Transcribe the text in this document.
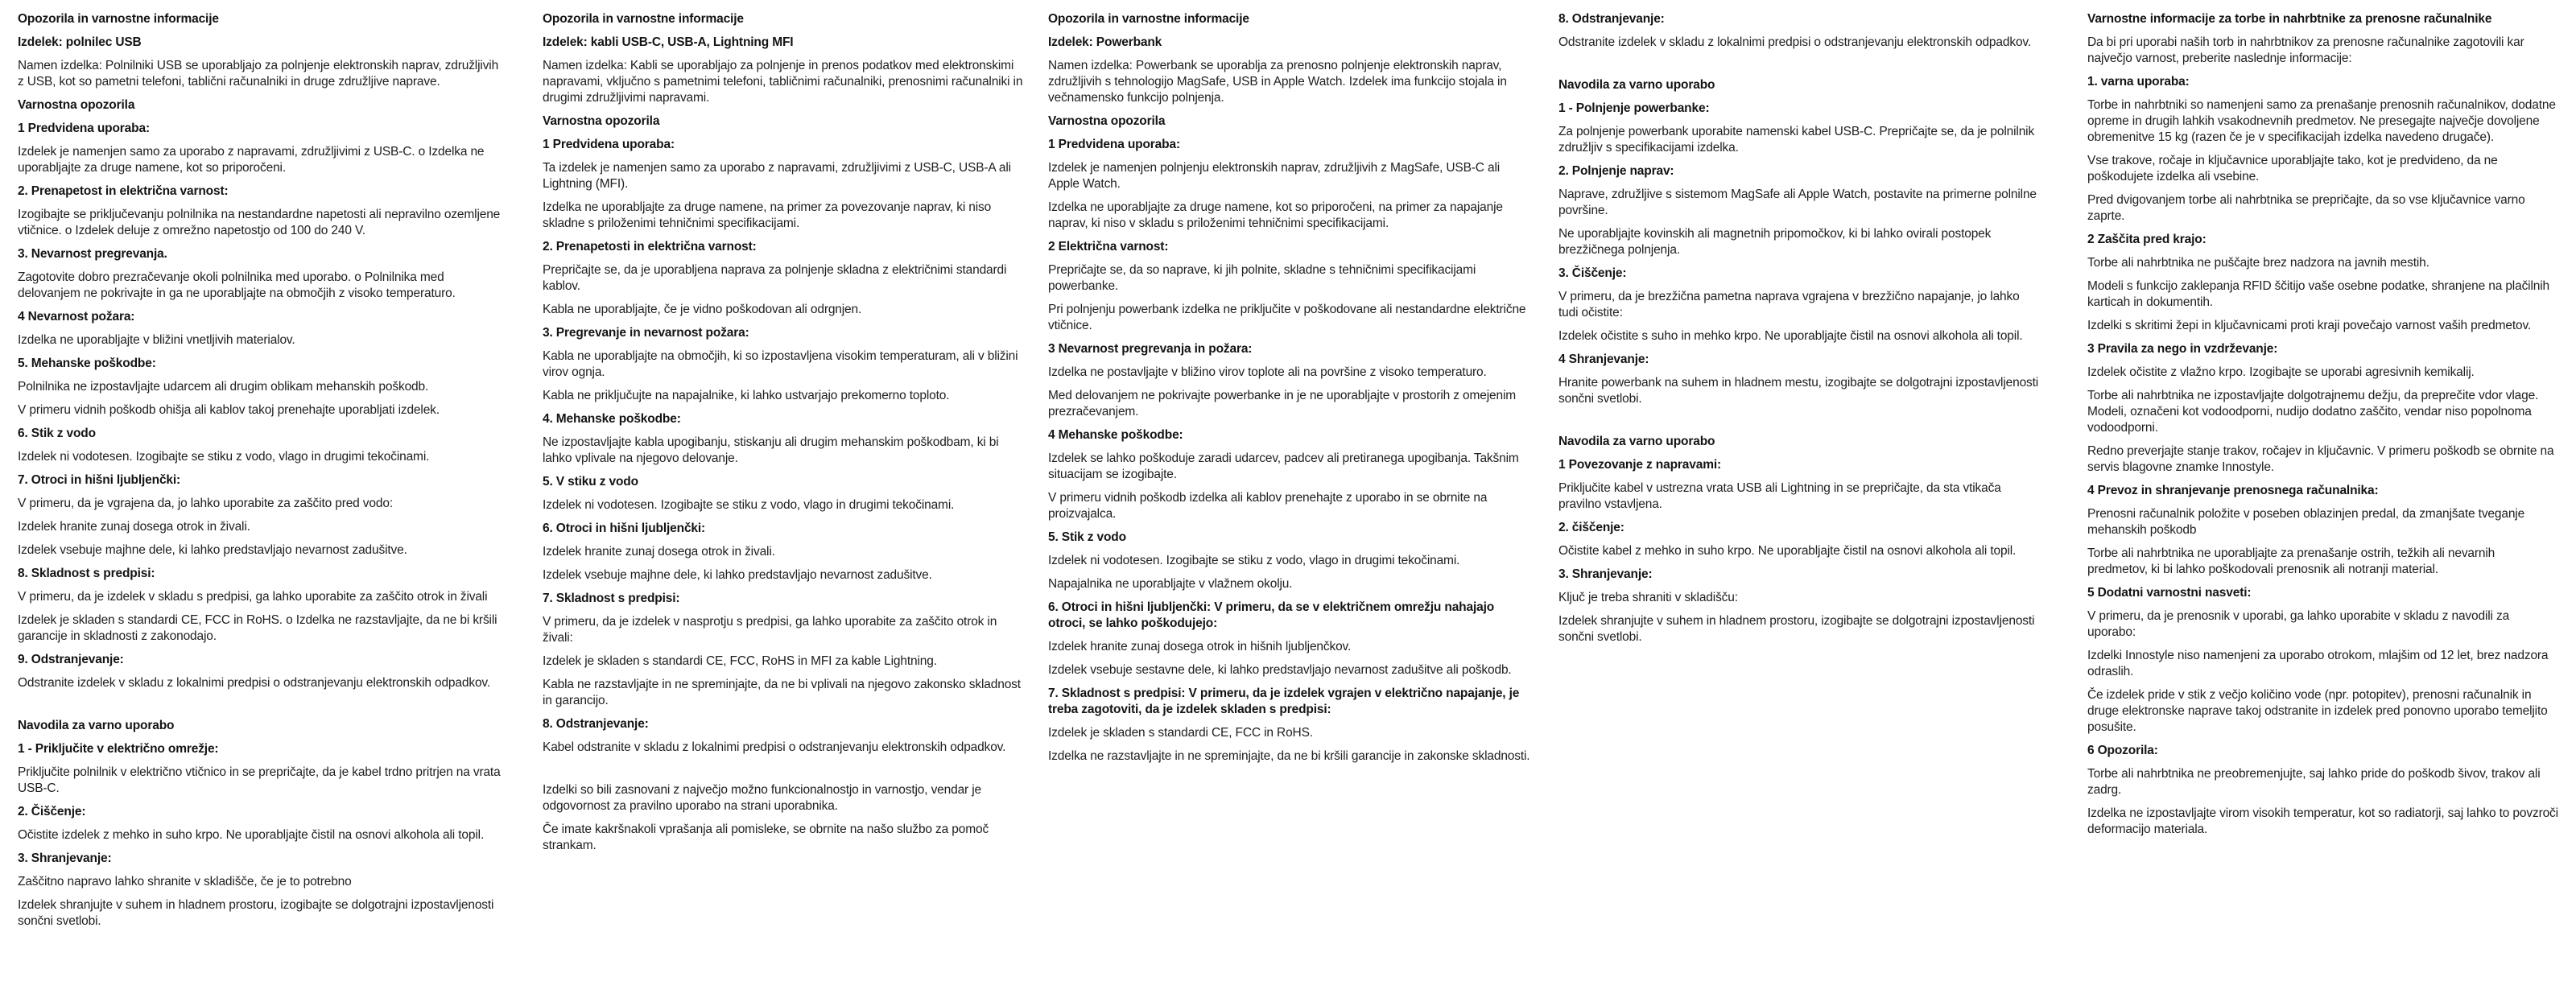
Opozorila in varnostne informacije
Izdelek: polnilec USB
Namen izdelka: Polnilniki USB se uporabljajo za polnjenje elektronskih naprav, združljivih z USB, kot so pametni telefoni, tablični računalniki in druge združljive naprave.
Varnostna opozorila
1 Predvidena uporaba:
Izdelek je namenjen samo za uporabo z napravami, združljivimi z USB-C. o Izdelka ne uporabljajte za druge namene, kot so priporočeni.
2. Prenapetost in električna varnost:
Izogibajte se priključevanju polnilnika na nestandardne napetosti ali nepravilno ozemljene vtičnice. o Izdelek deluje z omrežno napetostjo od 100 do 240 V.
3. Nevarnost pregrevanja.
Zagotovite dobro prezračevanje okoli polnilnika med uporabo. o Polnilnika med delovanjem ne pokrivajte in ga ne uporabljajte na območjih z visoko temperaturo.
4 Nevarnost požara:
Izdelka ne uporabljajte v bližini vnetljivih materialov.
5. Mehanske poškodbe:
Polnilnika ne izpostavljajte udarcem ali drugim oblikam mehanskih poškodb.
V primeru vidnih poškodb ohišja ali kablov takoj prenehajte uporabljati izdelek.
6. Stik z vodo
Izdelek ni vodotesen. Izogibajte se stiku z vodo, vlago in drugimi tekočinami.
7. Otroci in hišni ljubljenčki:
V primeru, da je vgrajena da, jo lahko uporabite za zaščito pred vodo:
Izdelek hranite zunaj dosega otrok in živali.
Izdelek vsebuje majhne dele, ki lahko predstavljajo nevarnost zadušitve.
8. Skladnost s predpisi:
V primeru, da je izdelek v skladu s predpisi, ga lahko uporabite za zaščito otrok in živali
Izdelek je skladen s standardi CE, FCC in RoHS. o Izdelka ne razstavljajte, da ne bi kršili garancije in skladnosti z zakonodajo.
9. Odstranjevanje:
Odstranite izdelek v skladu z lokalnimi predpisi o odstranjevanju elektronskih odpadkov.
Navodila za varno uporabo
1 - Priključite v električno omrežje:
Priključite polnilnik v električno vtičnico in se prepričajte, da je kabel trdno pritrjen na vrata USB-C.
2. Čiščenje:
Očistite izdelek z mehko in suho krpo. Ne uporabljajte čistil na osnovi alkohola ali topil.
3. Shranjevanje:
Zaščitno napravo lahko shranite v skladišče, če je to potrebno
Izdelek shranjujte v suhem in hladnem prostoru, izogibajte se dolgotrajni izpostavljenosti sončni svetlobi.
Opozorila in varnostne informacije
Izdelek: kabli USB-C, USB-A, Lightning MFI
Namen izdelka: Kabli se uporabljajo za polnjenje in prenos podatkov med elektronskimi napravami, vključno s pametnimi telefoni, tabličnimi računalniki, prenosnimi računalniki in drugimi združljivimi napravami.
Varnostna opozorila
1 Predvidena uporaba:
Ta izdelek je namenjen samo za uporabo z napravami, združljivimi z USB-C, USB-A ali Lightning (MFI).
Izdelka ne uporabljajte za druge namene, na primer za povezovanje naprav, ki niso skladne s priloženimi tehničnimi specifikacijami.
2. Prenapetosti in električna varnost:
Prepričajte se, da je uporabljena naprava za polnjenje skladna z električnimi standardi kablov.
Kabla ne uporabljajte, če je vidno poškodovan ali odrgnjen.
3. Pregrevanje in nevarnost požara:
Kabla ne uporabljajte na območjih, ki so izpostavljena visokim temperaturam, ali v bližini virov ognja.
Kabla ne priključujte na napajalnike, ki lahko ustvarjajo prekomerno toploto.
4. Mehanske poškodbe:
Ne izpostavljajte kabla upogibanju, stiskanju ali drugim mehanskim poškodbam, ki bi lahko vplivale na njegovo delovanje.
5. V stiku z vodo
Izdelek ni vodotesen. Izogibajte se stiku z vodo, vlago in drugimi tekočinami.
6. Otroci in hišni ljubljenčki:
Izdelek hranite zunaj dosega otrok in živali.
Izdelek vsebuje majhne dele, ki lahko predstavljajo nevarnost zadušitve.
7. Skladnost s predpisi:
V primeru, da je izdelek v nasprotju s predpisi, ga lahko uporabite za zaščito otrok in živali:
Izdelek je skladen s standardi CE, FCC, RoHS in MFI za kable Lightning.
Kabla ne razstavljajte in ne spreminjajte, da ne bi vplivali na njegovo zakonsko skladnost in garancijo.
8. Odstranjevanje:
Kabel odstranite v skladu z lokalnimi predpisi o odstranjevanju elektronskih odpadkov.
Izdelki so bili zasnovani z največjo možno funkcionalnostjo in varnostjo, vendar je odgovornost za pravilno uporabo na strani uporabnika.
Če imate kakršnakoli vprašanja ali pomisleke, se obrnite na našo službo za pomoč strankam.
Opozorila in varnostne informacije
Izdelek: Powerbank
Namen izdelka: Powerbank se uporablja za prenosno polnjenje elektronskih naprav, združljivih s tehnologijo MagSafe, USB in Apple Watch. Izdelek ima funkcijo stojala in večnamensko funkcijo polnjenja.
Varnostna opozorila
1 Predvidena uporaba:
Izdelek je namenjen polnjenju elektronskih naprav, združljivih z MagSafe, USB-C ali Apple Watch.
Izdelka ne uporabljajte za druge namene, kot so priporočeni, na primer za napajanje naprav, ki niso v skladu s priloženimi tehničnimi specifikacijami.
2 Električna varnost:
Prepričajte se, da so naprave, ki jih polnite, skladne s tehničnimi specifikacijami powerbanke.
Pri polnjenju powerbank izdelka ne priključite v poškodovane ali nestandardne električne vtičnice.
3 Nevarnost pregrevanja in požara:
Izdelka ne postavljajte v bližino virov toplote ali na površine z visoko temperaturo.
Med delovanjem ne pokrivajte powerbanke in je ne uporabljajte v prostorih z omejenim prezračevanjem.
4 Mehanske poškodbe:
Izdelek se lahko poškoduje zaradi udarcev, padcev ali pretiranega upogibanja. Takšnim situacijam se izogibajte.
V primeru vidnih poškodb izdelka ali kablov prenehajte z uporabo in se obrnite na proizvajalca.
5. Stik z vodo
Izdelek ni vodotesen. Izogibajte se stiku z vodo, vlago in drugimi tekočinami.
Napajalnika ne uporabljajte v vlažnem okolju.
6. Otroci in hišni ljubljenčki: V primeru, da se v električnem omrežju nahajajo otroci, se lahko poškodujejo:
Izdelek hranite zunaj dosega otrok in hišnih ljubljenčkov.
Izdelek vsebuje sestavne dele, ki lahko predstavljajo nevarnost zadušitve ali poškodb.
7. Skladnost s predpisi: V primeru, da je izdelek vgrajen v električno napajanje, je treba zagotoviti, da je izdelek skladen s predpisi:
Izdelek je skladen s standardi CE, FCC in RoHS.
Izdelka ne razstavljajte in ne spreminjajte, da ne bi kršili garancije in zakonske skladnosti.
8. Odstranjevanje:
Odstranite izdelek v skladu z lokalnimi predpisi o odstranjevanju elektronskih odpadkov.
Navodila za varno uporabo
1 - Polnjenje powerbanke:
Za polnjenje powerbank uporabite namenski kabel USB-C. Prepričajte se, da je polnilnik združljiv s specifikacijami izdelka.
2. Polnjenje naprav:
Naprave, združljive s sistemom MagSafe ali Apple Watch, postavite na primerne polnilne površine.
Ne uporabljajte kovinskih ali magnetnih pripomočkov, ki bi lahko ovirali postopek brezžičnega polnjenja.
3. Čiščenje:
V primeru, da je brezžična pametna naprava vgrajena v brezžično napajanje, jo lahko tudi očistite:
Izdelek očistite s suho in mehko krpo. Ne uporabljajte čistil na osnovi alkohola ali topil.
4 Shranjevanje:
Hranite powerbank na suhem in hladnem mestu, izogibajte se dolgotrajni izpostavljenosti sončni svetlobi.
Navodila za varno uporabo
1 Povezovanje z napravami:
Priključite kabel v ustrezna vrata USB ali Lightning in se prepričajte, da sta vtikača pravilno vstavljena.
2. čiščenje:
Očistite kabel z mehko in suho krpo. Ne uporabljajte čistil na osnovi alkohola ali topil.
3. Shranjevanje:
Ključ je treba shraniti v skladišču:
Izdelek shranjujte v suhem in hladnem prostoru, izogibajte se dolgotrajni izpostavljenosti sončni svetlobi.
Varnostne informacije za torbe in nahrbtnike za prenosne računalnike
Da bi pri uporabi naših torb in nahrbtnikov za prenosne računalnike zagotovili kar največjo varnost, preberite naslednje informacije:
1. varna uporaba:
Torbe in nahrbtniki so namenjeni samo za prenašanje prenosnih računalnikov, dodatne opreme in drugih lahkih vsakodnevnih predmetov. Ne presegajte največje dovoljene obremenitve 15 kg (razen če je v specifikacijah izdelka navedeno drugače).
Vse trakove, ročaje in ključavnice uporabljajte tako, kot je predvideno, da ne poškodujete izdelka ali vsebine.
Pred dvigovanjem torbe ali nahrbtnika se prepričajte, da so vse ključavnice varno zaprte.
2 Zaščita pred krajo:
Torbe ali nahrbtnika ne puščajte brez nadzora na javnih mestih.
Modeli s funkcijo zaklepanja RFID ščitijo vaše osebne podatke, shranjene na plačilnih karticah in dokumentih.
Izdelki s skritimi žepi in ključavnicami proti kraji povečajo varnost vaših predmetov.
3 Pravila za nego in vzdrževanje:
Izdelek očistite z vlažno krpo. Izogibajte se uporabi agresivnih kemikalij.
Torbe ali nahrbtnika ne izpostavljajte dolgotrajnemu dežju, da preprečite vdor vlage. Modeli, označeni kot vodoodporni, nudijo dodatno zaščito, vendar niso popolnoma vodoodporni.
Redno preverjajte stanje trakov, ročajev in ključavnic. V primeru poškodb se obrnite na servis blagovne znamke Innostyle.
4 Prevoz in shranjevanje prenosnega računalnika:
Prenosni računalnik položite v poseben oblazinjen predal, da zmanjšate tveganje mehanskih poškodb
Torbe ali nahrbtnika ne uporabljajte za prenašanje ostrih, težkih ali nevarnih predmetov, ki bi lahko poškodovali prenosnik ali notranji material.
5 Dodatni varnostni nasveti:
V primeru, da je prenosnik v uporabi, ga lahko uporabite v skladu z navodili za uporabo:
Izdelki Innostyle niso namenjeni za uporabo otrokom, mlajšim od 12 let, brez nadzora odraslih.
Če izdelek pride v stik z večjo količino vode (npr. potopitev), prenosni računalnik in druge elektronske naprave takoj odstranite in izdelek pred ponovno uporabo temeljito posušite.
6 Opozorila:
Torbe ali nahrbtnika ne preobremenjujte, saj lahko pride do poškodb šivov, trakov ali zadrg.
Izdelka ne izpostavljajte virom visokih temperatur, kot so radiatorji, saj lahko to povzroči deformacijo materiala.
